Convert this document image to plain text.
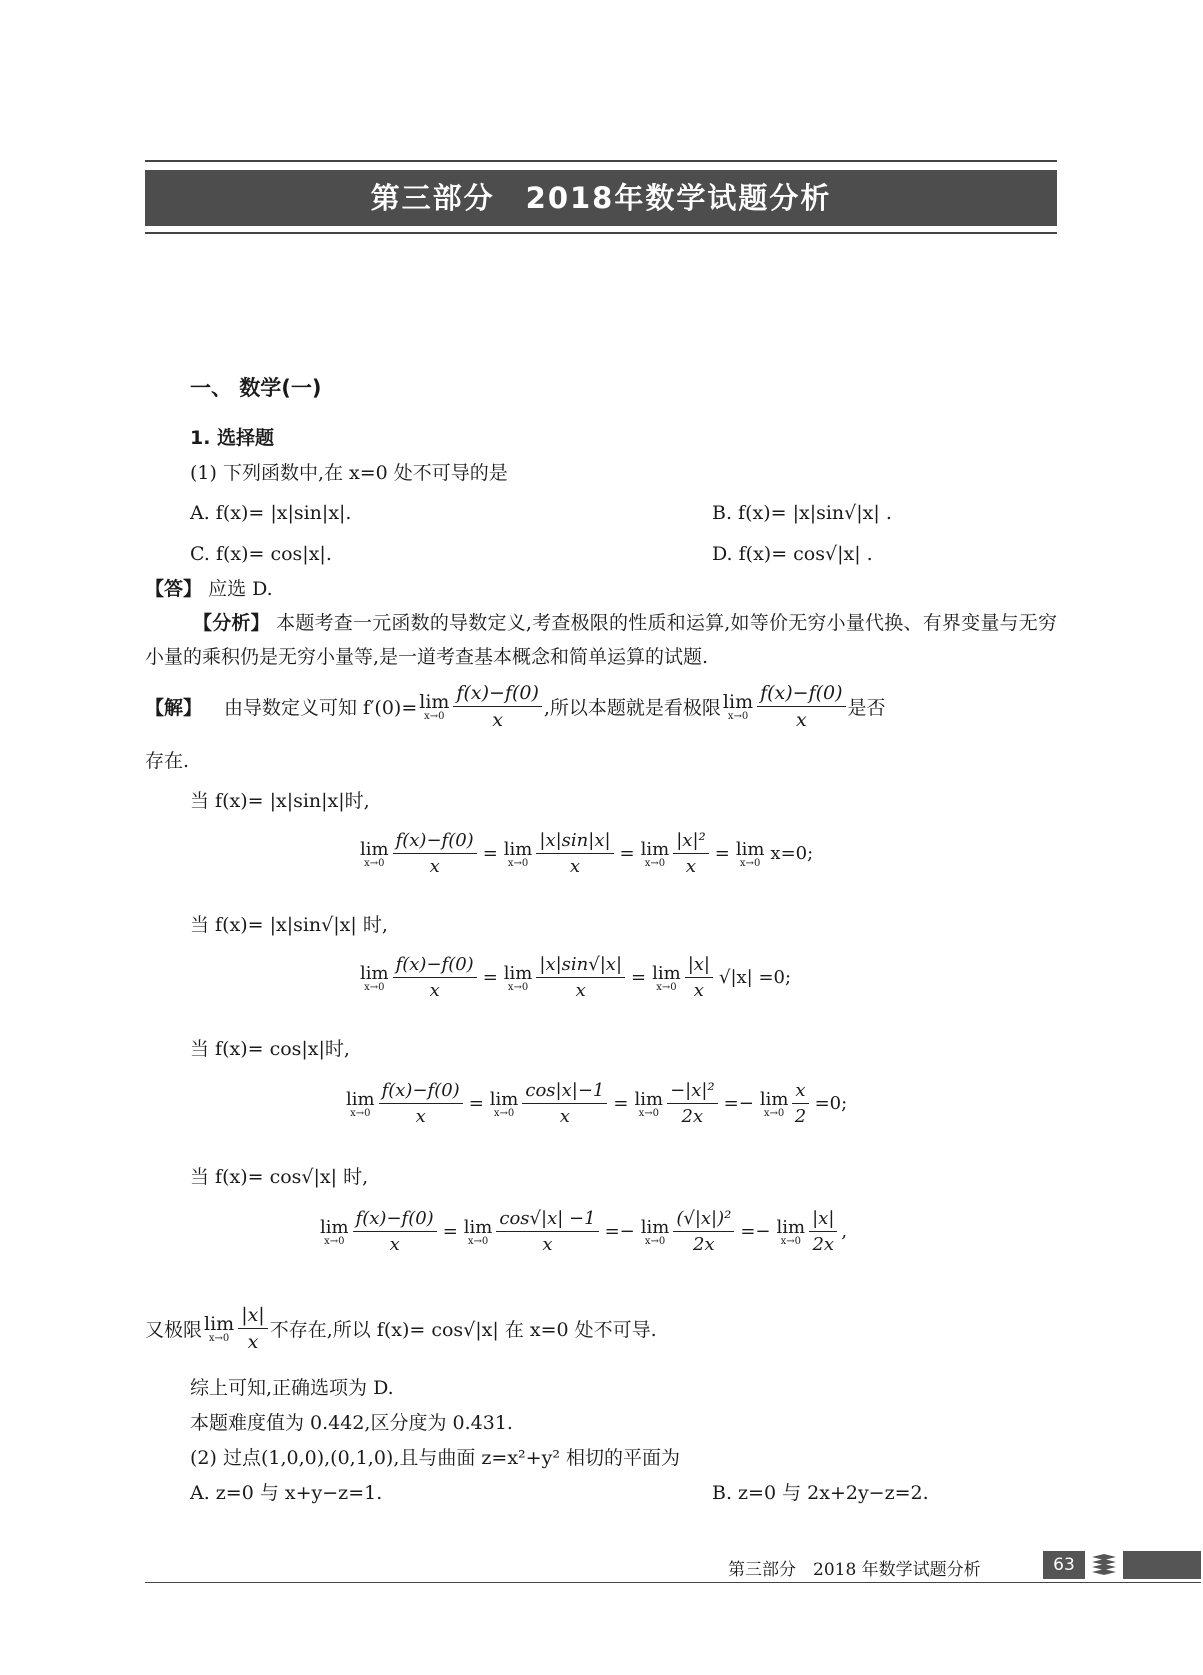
第三部分　2018年数学试题分析
一、 数学(一)
1. 选择题
(1) 下列函数中,在 x=0 处不可导的是
A. f(x)= |x|sin|x|.	B. f(x)= |x|sin√|x| .
C. f(x)= cos|x|.	D. f(x)= cos√|x| .
【答】 应选 D.
【分析】 本题考查一元函数的导数定义,考查极限的性质和运算,如等价无穷小量代换、有界变量与无穷小量的乘积仍是无穷小量等,是一道考查基本概念和简单运算的试题.
【解】 由导数定义可知 f′(0)= lim
$x\to 0 \frac{f(x)-f(0)}{x}$ ,所以本题就是看极限 lim
$x\to 0 \frac{f(x)-f(0)}{x}$ 是否
存在.
当 f(x)= |x|sin|x|时,
lim
$x\to 0 \frac{f(x)-f(0)}{x} = \lim$
$x\to 0 \frac{|x|\sin|x|}{x} = \lim$
$x\to 0 \frac{\text{|x|²}}{x} = \lim$
x→0 x=0;
当 f(x)= |x|sin√|x| 时,
lim
$x\to 0 \frac{f(x)-f(0)}{x} = \lim$
$x\to 0 \frac{|x|\sin√|x|}{x} = \lim$
$x\to 0 \frac{|x|}{x} √|x| =0$;
当 f(x)= cos|x|时,
lim
$x\to 0 \frac{f(x)-f(0)}{x} = \lim$
$x\to 0 \frac{\cos|x|-1}{x} = \lim$
$x\to 0 \frac{\text{−|x|²}}{2x} =- \lim$
$x\to 0 \frac{x}{2} =0$;
当 f(x)= cos√|x| 时,
lim
$x\to 0 \frac{f(x)-f(0)}{x} = \lim$
$x\to 0 \frac{\cos√|x| -1}{x} =- \lim$
$x\to 0 \frac{\text{(√|x|)²}}{2x} =- \lim$
$x\to 0 \frac{|x|}{2x}$ ,
又极限 lim
$x\to 0 \frac{|x|}{x}$ 不存在,所以 f(x)= cos√|x| 在 x=0 处不可导.
综上可知,正确选项为 D.
本题难度值为 0.442,区分度为 0.431.
(2) 过点(1,0,0),(0,1,0),且与曲面 z=x²+y² 相切的平面为
A. z=0 与 x+y−z=1.	B. z=0 与 2x+2y−z=2.
第三部分　2018 年数学试题分析	63
